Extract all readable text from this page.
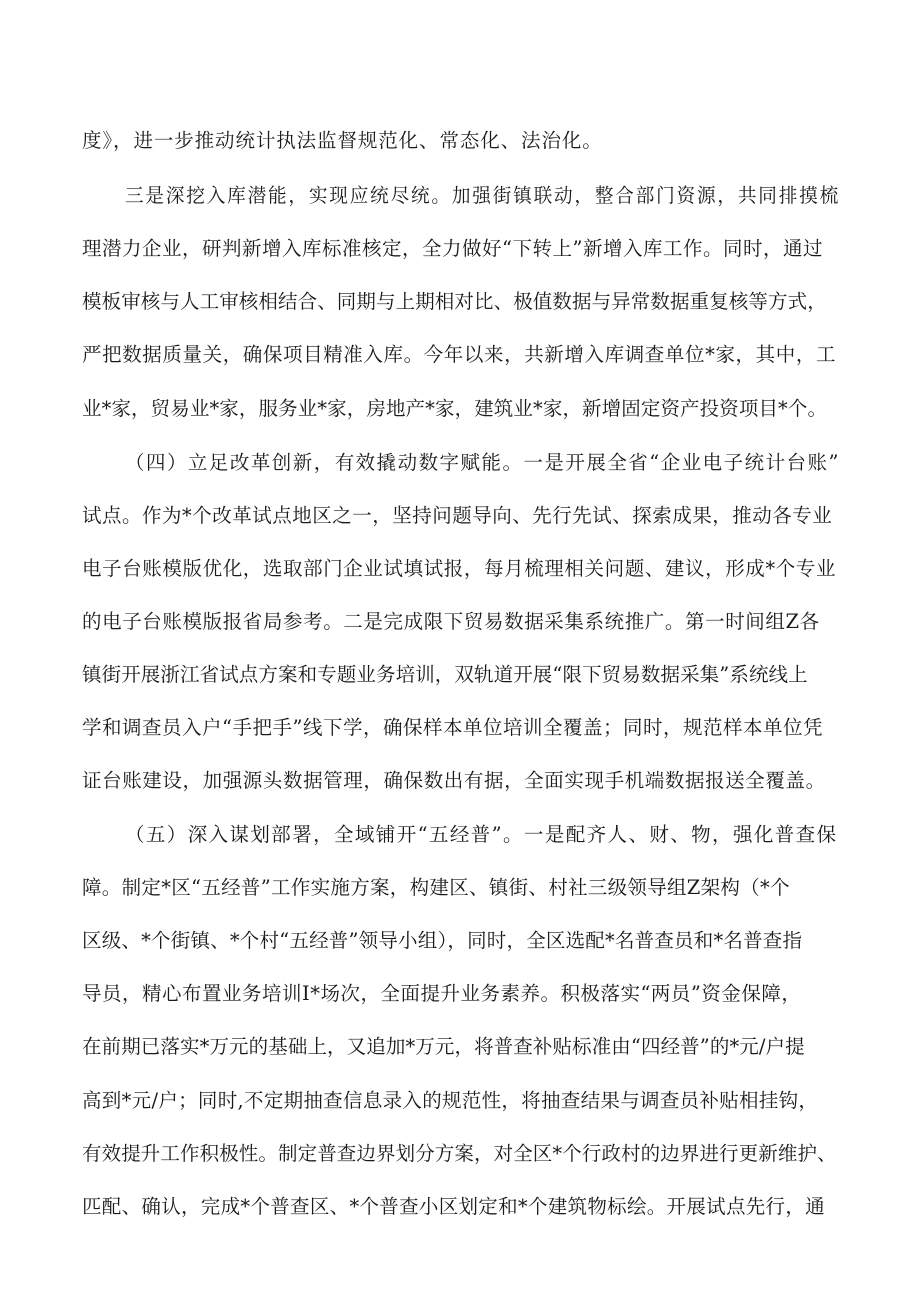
度》，进一步推动统计执法监督规范化、常态化、法治化。
三是深挖入库潜能，实现应统尽统。加强街镇联动，整合部门资源，共同排摸梳
理潜力企业，研判新增入库标准核定，全力做好“下转上”新增入库工作。同时，通过
模板审核与人工审核相结合、同期与上期相对比、极值数据与异常数据重复核等方式，
严把数据质量关，确保项目精准入库。今年以来，共新增入库调查单位*家，其中，工
业*家，贸易业*家，服务业*家，房地产*家，建筑业*家，新增固定资产投资项目*个。
（四）立足改革创新，有效撬动数字赋能。一是开展全省“企业电子统计台账”
试点。作为*个改革试点地区之一，坚持问题导向、先行先试、探索成果，推动各专业
电子台账模版优化，选取部门企业试填试报，每月梳理相关问题、建议，形成*个专业
的电子台账模版报省局参考。二是完成限下贸易数据采集系统推广。第一时间组Z各
镇街开展浙江省试点方案和专题业务培训，双轨道开展“限下贸易数据采集”系统线上
学和调查员入户“手把手”线下学，确保样本单位培训全覆盖；同时，规范样本单位凭
证台账建设，加强源头数据管理，确保数出有据，全面实现手机端数据报送全覆盖。
（五）深入谋划部署，全域铺开“五经普”。一是配齐人、财、物，强化普查保
障。制定*区“五经普”工作实施方案，构建区、镇街、村社三级领导组Z架构（*个
区级、*个街镇、*个村“五经普”领导小组），同时，全区选配*名普查员和*名普查指
导员，精心布置业务培训I*场次，全面提升业务素养。积极落实“两员”资金保障，
在前期已落实*万元的基础上，又追加*万元，将普查补贴标准由“四经普”的*元/户提
高到*元/户；同时,不定期抽查信息录入的规范性，将抽查结果与调查员补贴相挂钩，
有效提升工作积极性。制定普查边界划分方案，对全区*个行政村的边界进行更新维护、
匹配、确认，完成*个普查区、*个普查小区划定和*个建筑物标绘。开展试点先行，通
